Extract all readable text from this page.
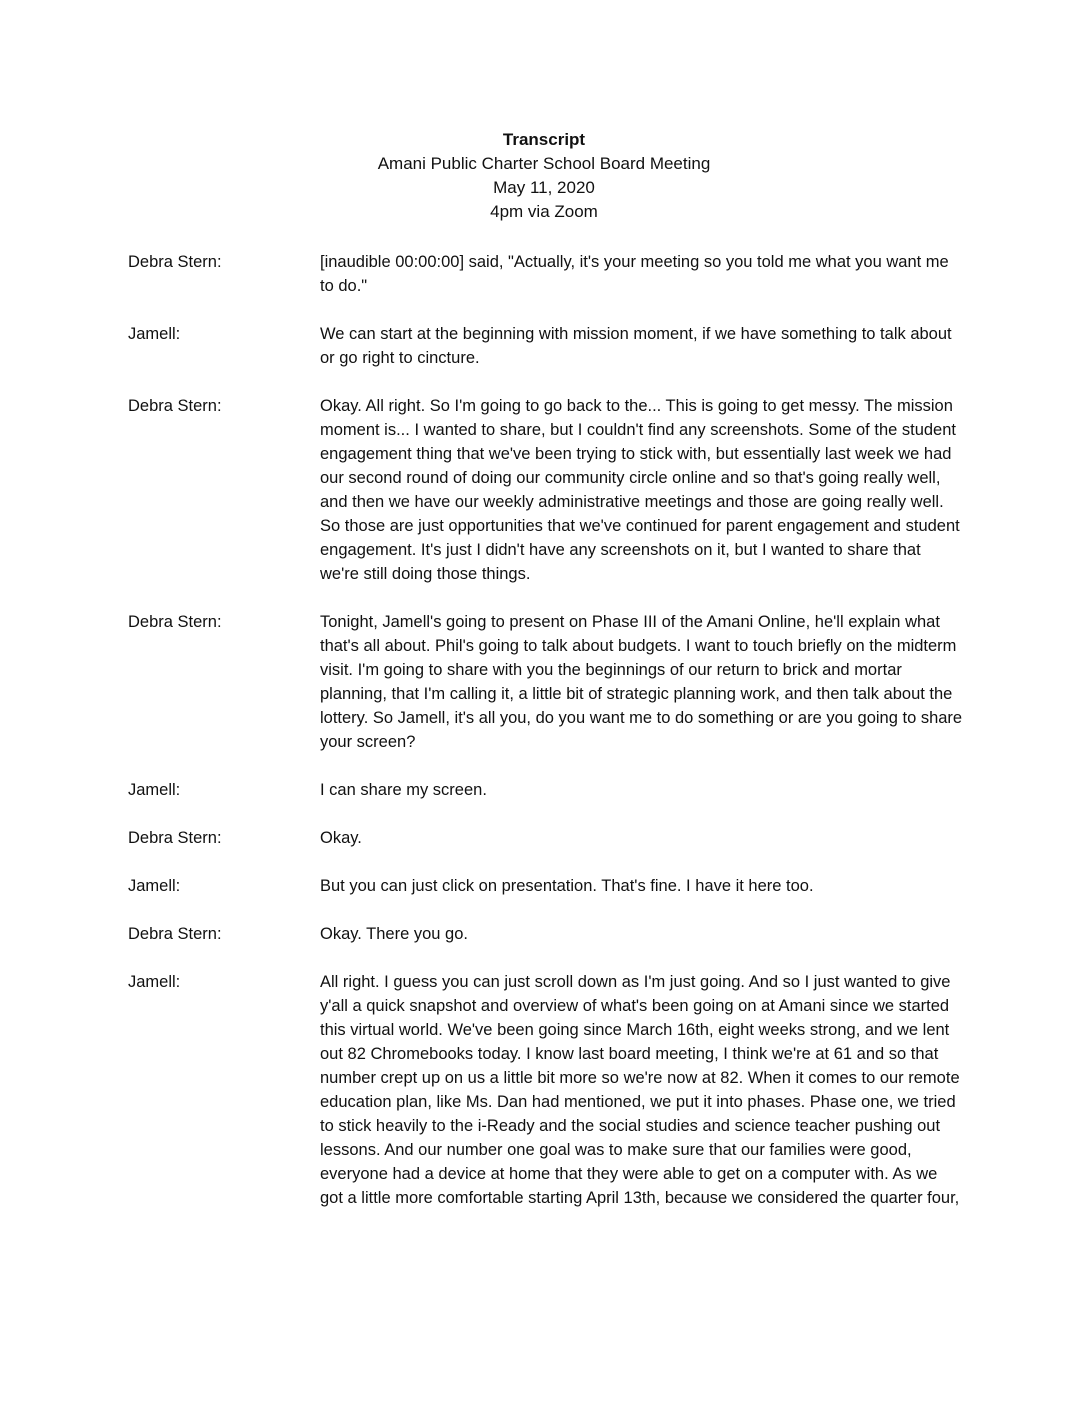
Transcript
Amani Public Charter School Board Meeting
May 11, 2020
4pm via Zoom
Debra Stern:	[inaudible 00:00:00] said, "Actually, it's your meeting so you told me what you want me to do."
Jamell:	We can start at the beginning with mission moment, if we have something to talk about or go right to cincture.
Debra Stern:	Okay. All right. So I'm going to go back to the... This is going to get messy. The mission moment is... I wanted to share, but I couldn't find any screenshots. Some of the student engagement thing that we've been trying to stick with, but essentially last week we had our second round of doing our community circle online and so that's going really well, and then we have our weekly administrative meetings and those are going really well. So those are just opportunities that we've continued for parent engagement and student engagement. It's just I didn't have any screenshots on it, but I wanted to share that we're still doing those things.
Debra Stern:	Tonight, Jamell's going to present on Phase III of the Amani Online, he'll explain what that's all about. Phil's going to talk about budgets. I want to touch briefly on the midterm visit. I'm going to share with you the beginnings of our return to brick and mortar planning, that I'm calling it, a little bit of strategic planning work, and then talk about the lottery. So Jamell, it's all you, do you want me to do something or are you going to share your screen?
Jamell:	I can share my screen.
Debra Stern:	Okay.
Jamell:	But you can just click on presentation. That's fine. I have it here too.
Debra Stern:	Okay. There you go.
Jamell:	All right. I guess you can just scroll down as I'm just going. And so I just wanted to give y'all a quick snapshot and overview of what's been going on at Amani since we started this virtual world. We've been going since March 16th, eight weeks strong, and we lent out 82 Chromebooks today. I know last board meeting, I think we're at 61 and so that number crept up on us a little bit more so we're now at 82. When it comes to our remote education plan, like Ms. Dan had mentioned, we put it into phases. Phase one, we tried to stick heavily to the i-Ready and the social studies and science teacher pushing out lessons. And our number one goal was to make sure that our families were good, everyone had a device at home that they were able to get on a computer with. As we got a little more comfortable starting April 13th, because we considered the quarter four,
